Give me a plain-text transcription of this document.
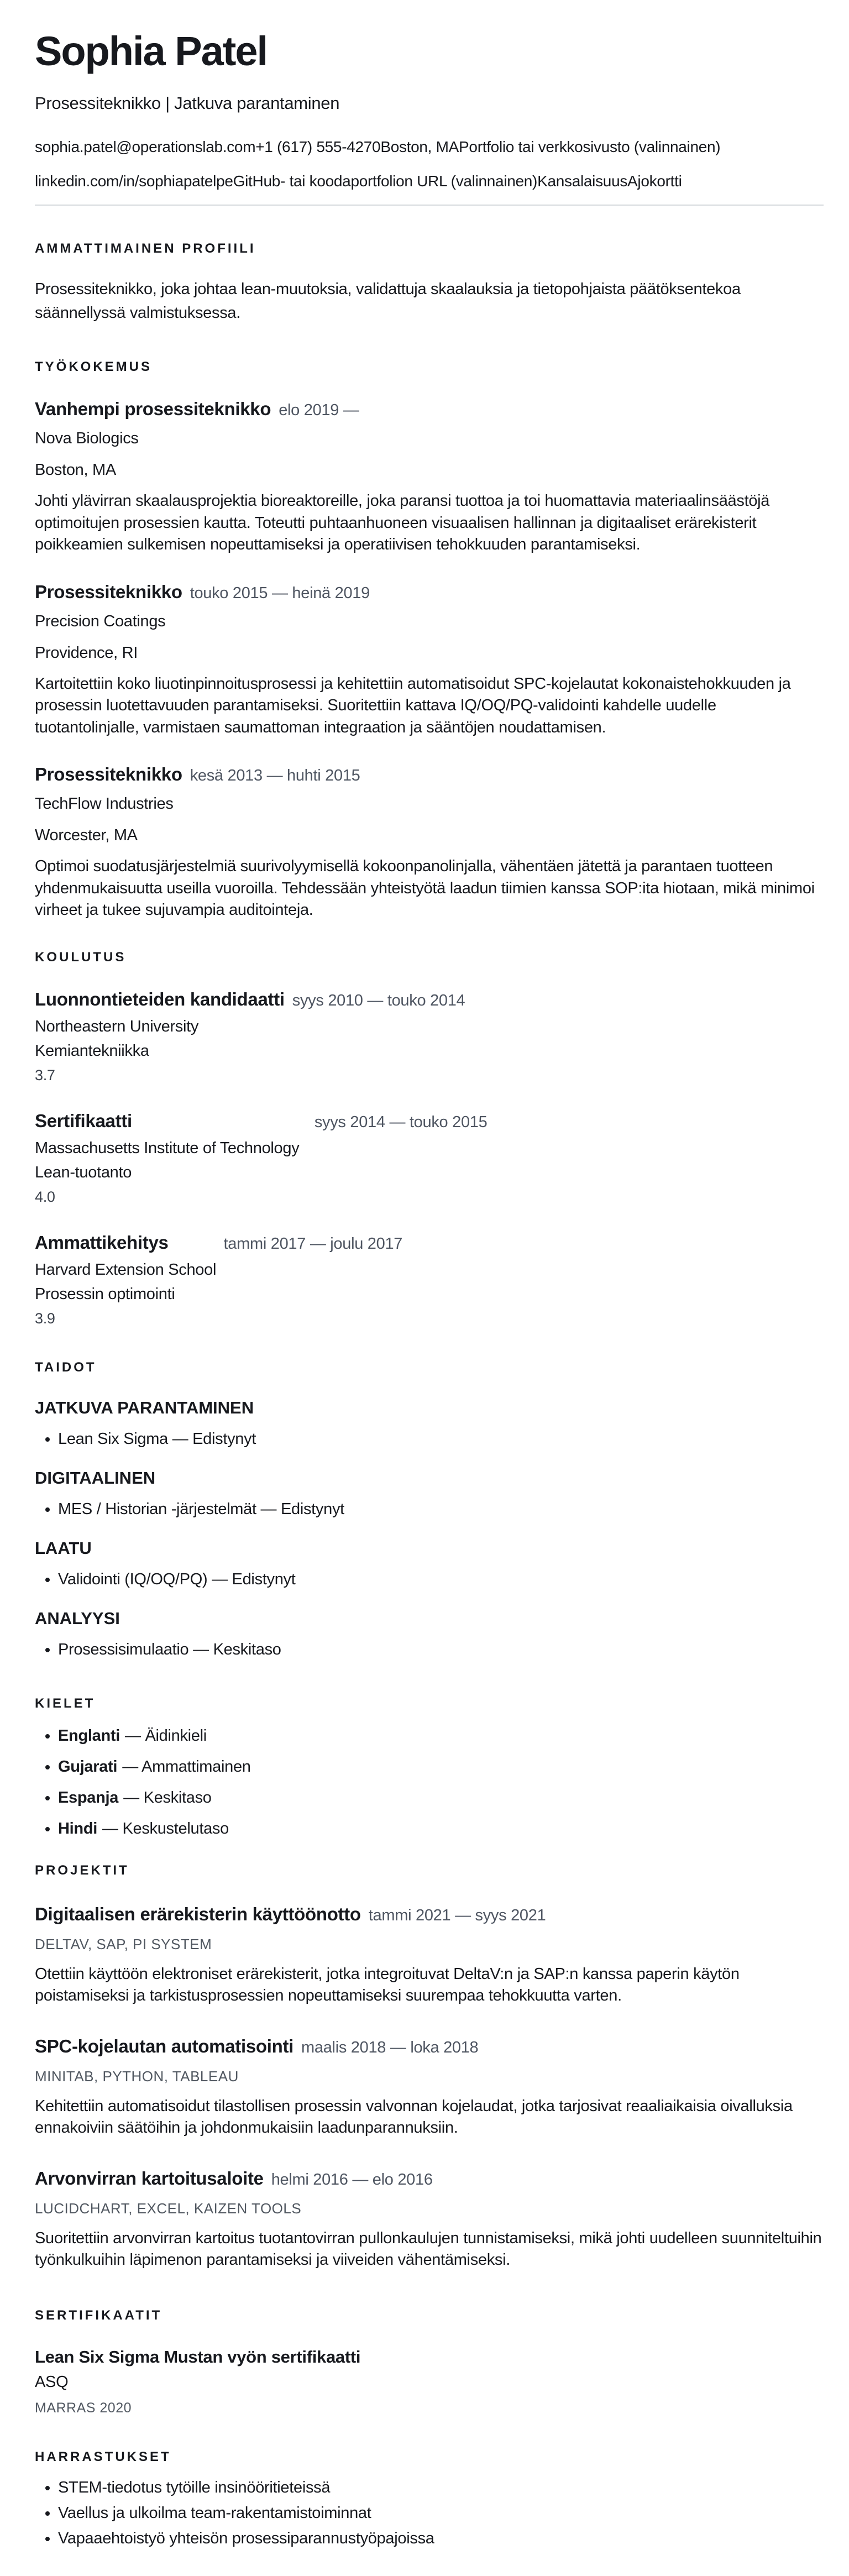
Sophia Patel
Prosessiteknikko | Jatkuva parantaminen
sophia.patel@operationslab.com+1 (617) 555-4270Boston, MAPortfolio tai verkkosivusto (valinnainen)
linkedin.com/in/sophiapatelpeGitHub- tai koodaportfolion URL (valinnainen)KansalaisuusAjokortti
AMMATTIMAINEN PROFIILI

Prosessiteknikko, joka johtaa lean-muutoksia, validattuja skaalauksia ja tietopohjaista päätöksentekoa säännellyssä valmistuksessa.

TYÖKOKEMUS
Vanhempi prosessiteknikko elo 2019 —
Nova Biologics
Boston, MA

Johti ylävirran skaalausprojektia bioreaktoreille, joka paransi tuottoa ja toi huomattavia materiaalinsäästöjä optimoitujen prosessien kautta. Toteutti puhtaanhuoneen visuaalisen hallinnan ja digitaaliset erärekisterit poikkeamien sulkemisen nopeuttamiseksi ja operatiivisen tehokkuuden parantamiseksi.

Prosessiteknikko touko 2015 — heinä 2019
Precision Coatings
Providence, RI

Kartoitettiin koko liuotinpinnoitusprosessi ja kehitettiin automatisoidut SPC-kojelautat kokonaistehokkuuden ja prosessin luotettavuuden parantamiseksi. Suoritettiin kattava IQ/OQ/PQ-validointi kahdelle uudelle tuotantolinjalle, varmistaen saumattoman integraation ja sääntöjen noudattamisen.

Prosessiteknikko kesä 2013 — huhti 2015
TechFlow Industries
Worcester, MA

Optimoi suodatusjärjestelmiä suurivolyymisellä kokoonpanolinjalla, vähentäen jätettä ja parantaen tuotteen yhdenmukaisuutta useilla vuoroilla. Tehdessään yhteistyötä laadun tiimien kanssa SOP:ita hiotaan, mikä minimoi virheet ja tukee sujuvampia auditointeja.

KOULUTUS
Luonnontieteiden kandidaatti syys 2010 — touko 2014
Northeastern University
Kemiantekniikka
3.7
Sertifikaatti	syys 2014 — touko 2015
Massachusetts Institute of Technology
Lean-tuotanto
4.0
Ammattikehitys	tammi 2017 — joulu 2017
Harvard Extension School
Prosessin optimointi
3.9
TAIDOT
JATKUVA PARANTAMINEN
• Lean Six Sigma — Edistynyt
DIGITAALINEN
• MES / Historian -järjestelmät — Edistynyt
LAATU
• Validointi (IQ/OQ/PQ) — Edistynyt
ANALYYSI
• Prosessisimulaatio — Keskitaso
KIELET
• Englanti — Äidinkieli
• Gujarati — Ammattimainen
• Espanja — Keskitaso
• Hindi — Keskustelutaso
PROJEKTIT
Digitaalisen erärekisterin käyttöönotto tammi 2021 — syys 2021
DELTAV, SAP, PI SYSTEM

Otettiin käyttöön elektroniset erärekisterit, jotka integroituvat DeltaV:n ja SAP:n kanssa paperin käytön poistamiseksi ja tarkistusprosessien nopeuttamiseksi suurempaa tehokkuutta varten.

SPC-kojelautan automatisointi maalis 2018 — loka 2018
MINITAB, PYTHON, TABLEAU

Kehitettiin automatisoidut tilastollisen prosessin valvonnan kojelaudat, jotka tarjosivat reaaliaikaisia oivalluksia ennakoiviin säätöihin ja johdonmukaisiin laadunparannuksiin.

Arvonvirran kartoitusaloite helmi 2016 — elo 2016
LUCIDCHART, EXCEL, KAIZEN TOOLS

Suoritettiin arvonvirran kartoitus tuotantovirran pullonkaulujen tunnistamiseksi, mikä johti uudelleen suunniteltuihin työnkulkuihin läpimenon parantamiseksi ja viiveiden vähentämiseksi.

SERTIFIKAATIT
Lean Six Sigma Mustan vyön sertifikaatti
ASQ
MARRAS 2020
HARRASTUKSET
• STEM-tiedotus tytöille insinööritieteissä
• Vaellus ja ulkoilma team-rakentamistoiminnat
• Vapaaehtoistyö yhteisön prosessiparannustyöpajoissa
